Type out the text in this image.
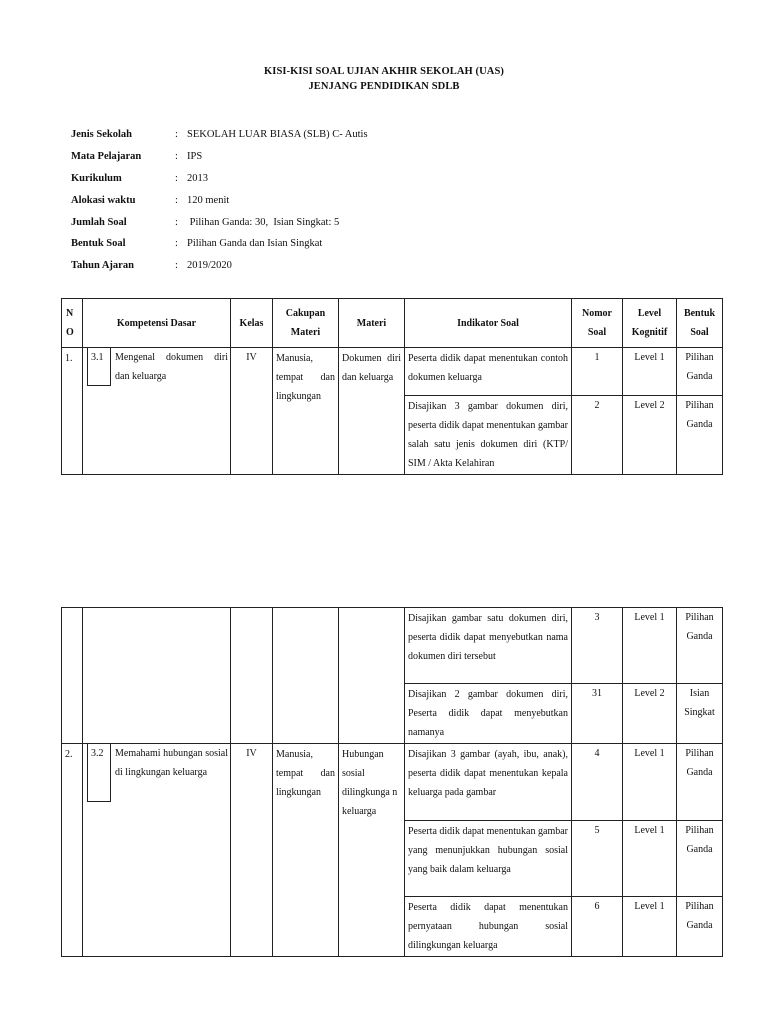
KISI-KISI SOAL UJIAN AKHIR SEKOLAH (UAS)
JENJANG PENDIDIKAN SDLB
Jenis Sekolah	: SEKOLAH LUAR BIASA (SLB) C- Autis
Mata Pelajaran	: IPS
Kurikulum	: 2013
Alokasi waktu	: 120 menit
Jumlah Soal	: Pilihan Ganda: 30,  Isian Singkat: 5
Bentuk Soal	: Pilihan Ganda dan Isian Singkat
Tahun Ajaran	: 2019/2020
N O	Kompetensi Dasar	Kelas	Cakupan Materi	Materi	Indikator Soal	Nomor Soal	Level Kognitif	Bentuk Soal
1.	3.1 Mengenal dokumen diri dan keluarga	IV	Manusia, tempat dan lingkungan	Dokumen diri dan keluarga	Peserta didik dapat menentukan contoh dokumen keluarga	1	Level 1	Pilihan Ganda
					Disajikan 3 gambar dokumen diri, peserta didik dapat menentukan gambar salah satu jenis dokumen diri (KTP/ SIM / Akta Kelahiran	2	Level 2	Pilihan Ganda
					Disajikan gambar satu dokumen diri, peserta didik dapat menyebutkan nama dokumen diri tersebut	3	Level 1	Pilihan Ganda
					Disajikan 2 gambar dokumen diri, Peserta didik dapat menyebutkan namanya	31	Level 2	Isian Singkat
2.	3.2 Memahami hubungan sosial di lingkungan keluarga	IV	Manusia, tempat dan lingkungan	Hubungan sosial dilingkunga n keluarga	Disajikan 3 gambar (ayah, ibu, anak), peserta didik dapat menentukan kepala keluarga pada gambar	4	Level 1	Pilihan Ganda
					Peserta didik dapat menentukan gambar yang menunjukkan hubungan sosial yang baik dalam keluarga	5	Level 1	Pilihan Ganda
					Peserta didik dapat menentukan pernyataan hubungan sosial dilingkungan keluarga	6	Level 1	Pilihan Ganda
